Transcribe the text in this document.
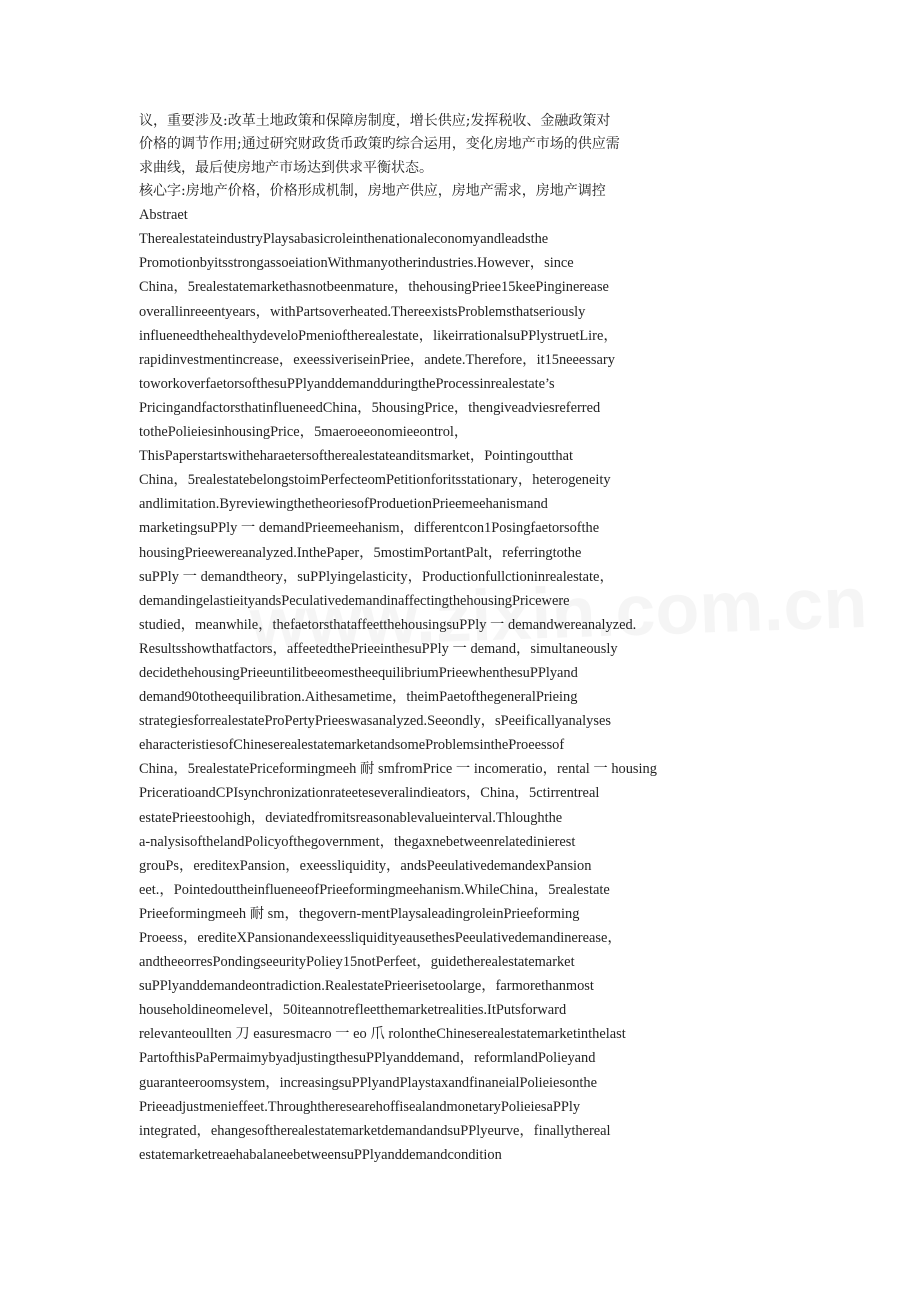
议，重要涉及:改革土地政策和保障房制度，增长供应;发挥税收、金融政策对
价格的调节作用;通过研究财政货币政策旳综合运用，变化房地产市场的供应需
求曲线，最后使房地产市场达到供求平衡状态。
核心字:房地产价格，价格形成机制，房地产供应，房地产需求，房地产调控
Abstraet
TherealestateindustryPlaysabasicroleinthenationaleconomyandleadsthe
PromotionbyitsstrongassoeiationWithmanyotherindustries.However，since
China，5realestatemarkethasnotbeenmature，thehousingPriee15keePinginerease
overallinreeentyears，withPartsoverheated.ThereexistsProblemsthatseriously
influeneedthehealthydeveloPmenioftherealestate，likeirrationalsuPPlystruetLire，
rapidinvestmentincrease，exeessiveriseinPriee，andete.Therefore，it15neeessary
toworkoverfaetorsofthesuPPlyanddemandduringtheProcessinrealestate’s
PricingandfactorsthatinflueneedChina，5housingPrice，thengiveadviesreferred
tothePolieiesinhousingPrice，5maeroeeonomieeontrol，
ThisPaperstartswitheharaetersoftherealestateanditsmarket，Pointingoutthat
China，5realestatebelongstoimPerfecteomPetitionforitsstationary，heterogeneity
andlimitation.ByreviewingthetheoriesofProduetionPrieemeehanismand
marketingsuPPly 一 demandPrieemeehanism，differentcon1Posingfaetorsofthe
housingPrieewereanalyzed.InthePaper，5mostimPortantPalt，referringtothe
suPPly 一 demandtheory，suPPlyingelasticity，Productionfullctioninrealestate，
demandingelastieityandsPeculativedemandinaffectingthehousingPricewere
studied，meanwhile，thefaetorsthataffeetthehousingsuPPly 一 demandwereanalyzed.
Resultsshowthatfactors，affeetedthePrieeinthesuPPly 一 demand，simultaneously
decidethehousingPrieeuntilitbeeomestheequilibriumPrieewhenthesuPPlyand
demand90totheequilibration.Aithesametime，theimPaetofthegeneralPrieing
strategiesforrealestateProPertyPrieeswasanalyzed.Seeondly，sPeeificallyanalyses
eharacteristiesofChineserealestatemarketandsomeProblemsintheProeessof
China，5realestatePriceformingmeeh 耐 smfromPrice 一 incomeratio，rental 一 housing
PriceratioandCPIsynchronizationrateeteseveralindieators，China，5ctirrentreal
estatePrieestoohigh，deviatedfromitsreasonablevalueinterval.Thloughthe
a-nalysisofthelandPolicyofthegovernment，thegaxnebetweenrelatedinierest
grouPs，ereditexPansion，exeessliquidity，andsPeeulativedemandexPansion
eet.，PointedouttheinflueneeofPrieeformingmeehanism.WhileChina，5realestate
Prieeformingmeeh 耐 sm，thegovern-mentPlaysaleadingroleinPrieeforming
Proeess，erediteXPansionandexeessliquidityeausethesPeeulativedemandinerease，
andtheeorresPondingseeurityPoliey15notPerfeet，guidetherealestatemarket
suPPlyanddemandeontradiction.RealestatePrieerisetoolarge，farmorethanmost
householdineomelevel，50iteannotrefleetthemarketrealities.ItPutsforward
relevanteoullten 刀 easuresmacro 一 eo 爪 rolontheChineserealestatemarketinthelast
PartofthisPaPermaimybyadjustingthesuPPlyanddemand，reformlandPolieyand
guaranteeroomsystem，increasingsuPPlyandPlaystaxandfinaneialPolieiesonthe
Prieeadjustmenieffeet.ThroughtheresearehoffisealandmonetaryPolieiesaPPly
integrated，ehangesoftherealestatemarketdemandandsuPPlyeurve，finallythereal
estatemarketreaehabalaneebetweensuPPlyanddemandcondition
